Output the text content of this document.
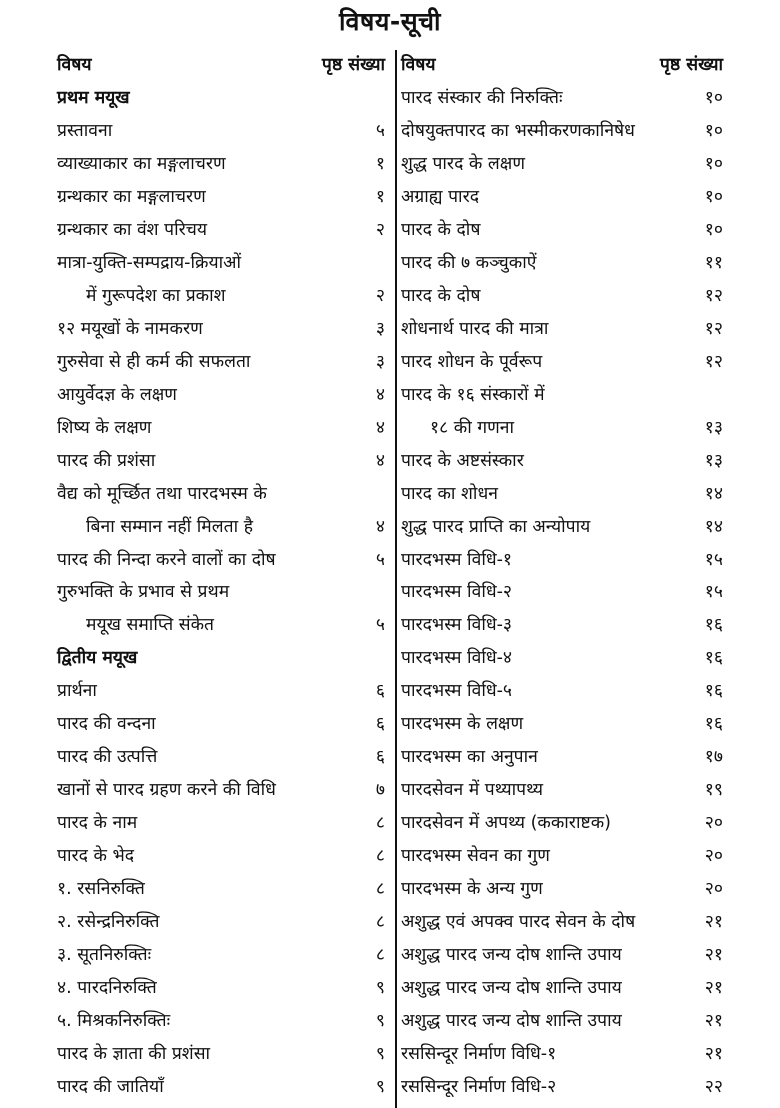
विषय-सूची
विषय	पृष्ठ संख्या
प्रथम मयूख
प्रस्तावना	५
व्याख्याकार का मङ्गलाचरण	१
ग्रन्थकार का मङ्गलाचरण	१
ग्रन्थकार का वंश परिचय	२
मात्रा-युक्ति-सम्पद्राय-क्रियाओं
में गुरूपदेश का प्रकाश	२
१२ मयूखों के नामकरण	३
गुरुसेवा से ही कर्म की सफलता	३
आयुर्वेदज्ञ के लक्षण	४
शिष्य के लक्षण	४
पारद की प्रशंसा	४
वैद्य को मूर्च्छित तथा पारदभस्म के
बिना सम्मान नहीं मिलता है	४
पारद की निन्दा करने वालों का दोष	५
गुरुभक्ति के प्रभाव से प्रथम
मयूख समाप्ति संकेत	५
द्वितीय मयूख
प्रार्थना	६
पारद की वन्दना	६
पारद की उत्पत्ति	६
खानों से पारद ग्रहण करने की विधि	७
पारद के नाम	८
पारद के भेद	८
१. रसनिरुक्ति	८
२. रसेन्द्रनिरुक्ति	८
३. सूतनिरुक्तिः	८
४. पारदनिरुक्ति	९
५. मिश्रकनिरुक्तिः	९
पारद के ज्ञाता की प्रशंसा	९
पारद की जातियाँ	९
विषय	पृष्ठ संख्या
पारद संस्कार की निरुक्तिः	१०
दोषयुक्तपारद का भस्मीकरणकानिषेध	१०
शुद्ध पारद के लक्षण	१०
अग्राह्य पारद	१०
पारद के दोष	१०
पारद की ७ कञ्चुकाऐं	११
पारद के दोष	१२
शोधनार्थ पारद की मात्रा	१२
पारद शोधन के पूर्वरूप	१२
पारद के १६ संस्कारों में
१८ की गणना	१३
पारद के अष्टसंस्कार	१३
पारद का शोधन	१४
शुद्ध पारद प्राप्ति का अन्योपाय	१४
पारदभस्म विधि-१	१५
पारदभस्म विधि-२	१५
पारदभस्म विधि-३	१६
पारदभस्म विधि-४	१६
पारदभस्म विधि-५	१६
पारदभस्म के लक्षण	१६
पारदभस्म का अनुपान	१७
पारदसेवन में पथ्यापथ्य	१९
पारदसेवन में अपथ्य (ककाराष्टक)	२०
पारदभस्म सेवन का गुण	२०
पारदभस्म के अन्य गुण	२०
अशुद्ध एवं अपक्व पारद सेवन के दोष	२१
अशुद्ध पारद जन्य दोष शान्ति उपाय	२१
अशुद्ध पारद जन्य दोष शान्ति उपाय	२१
अशुद्ध पारद जन्य दोष शान्ति उपाय	२१
रससिन्दूर निर्माण विधि-१	२१
रससिन्दूर निर्माण विधि-२	२२
